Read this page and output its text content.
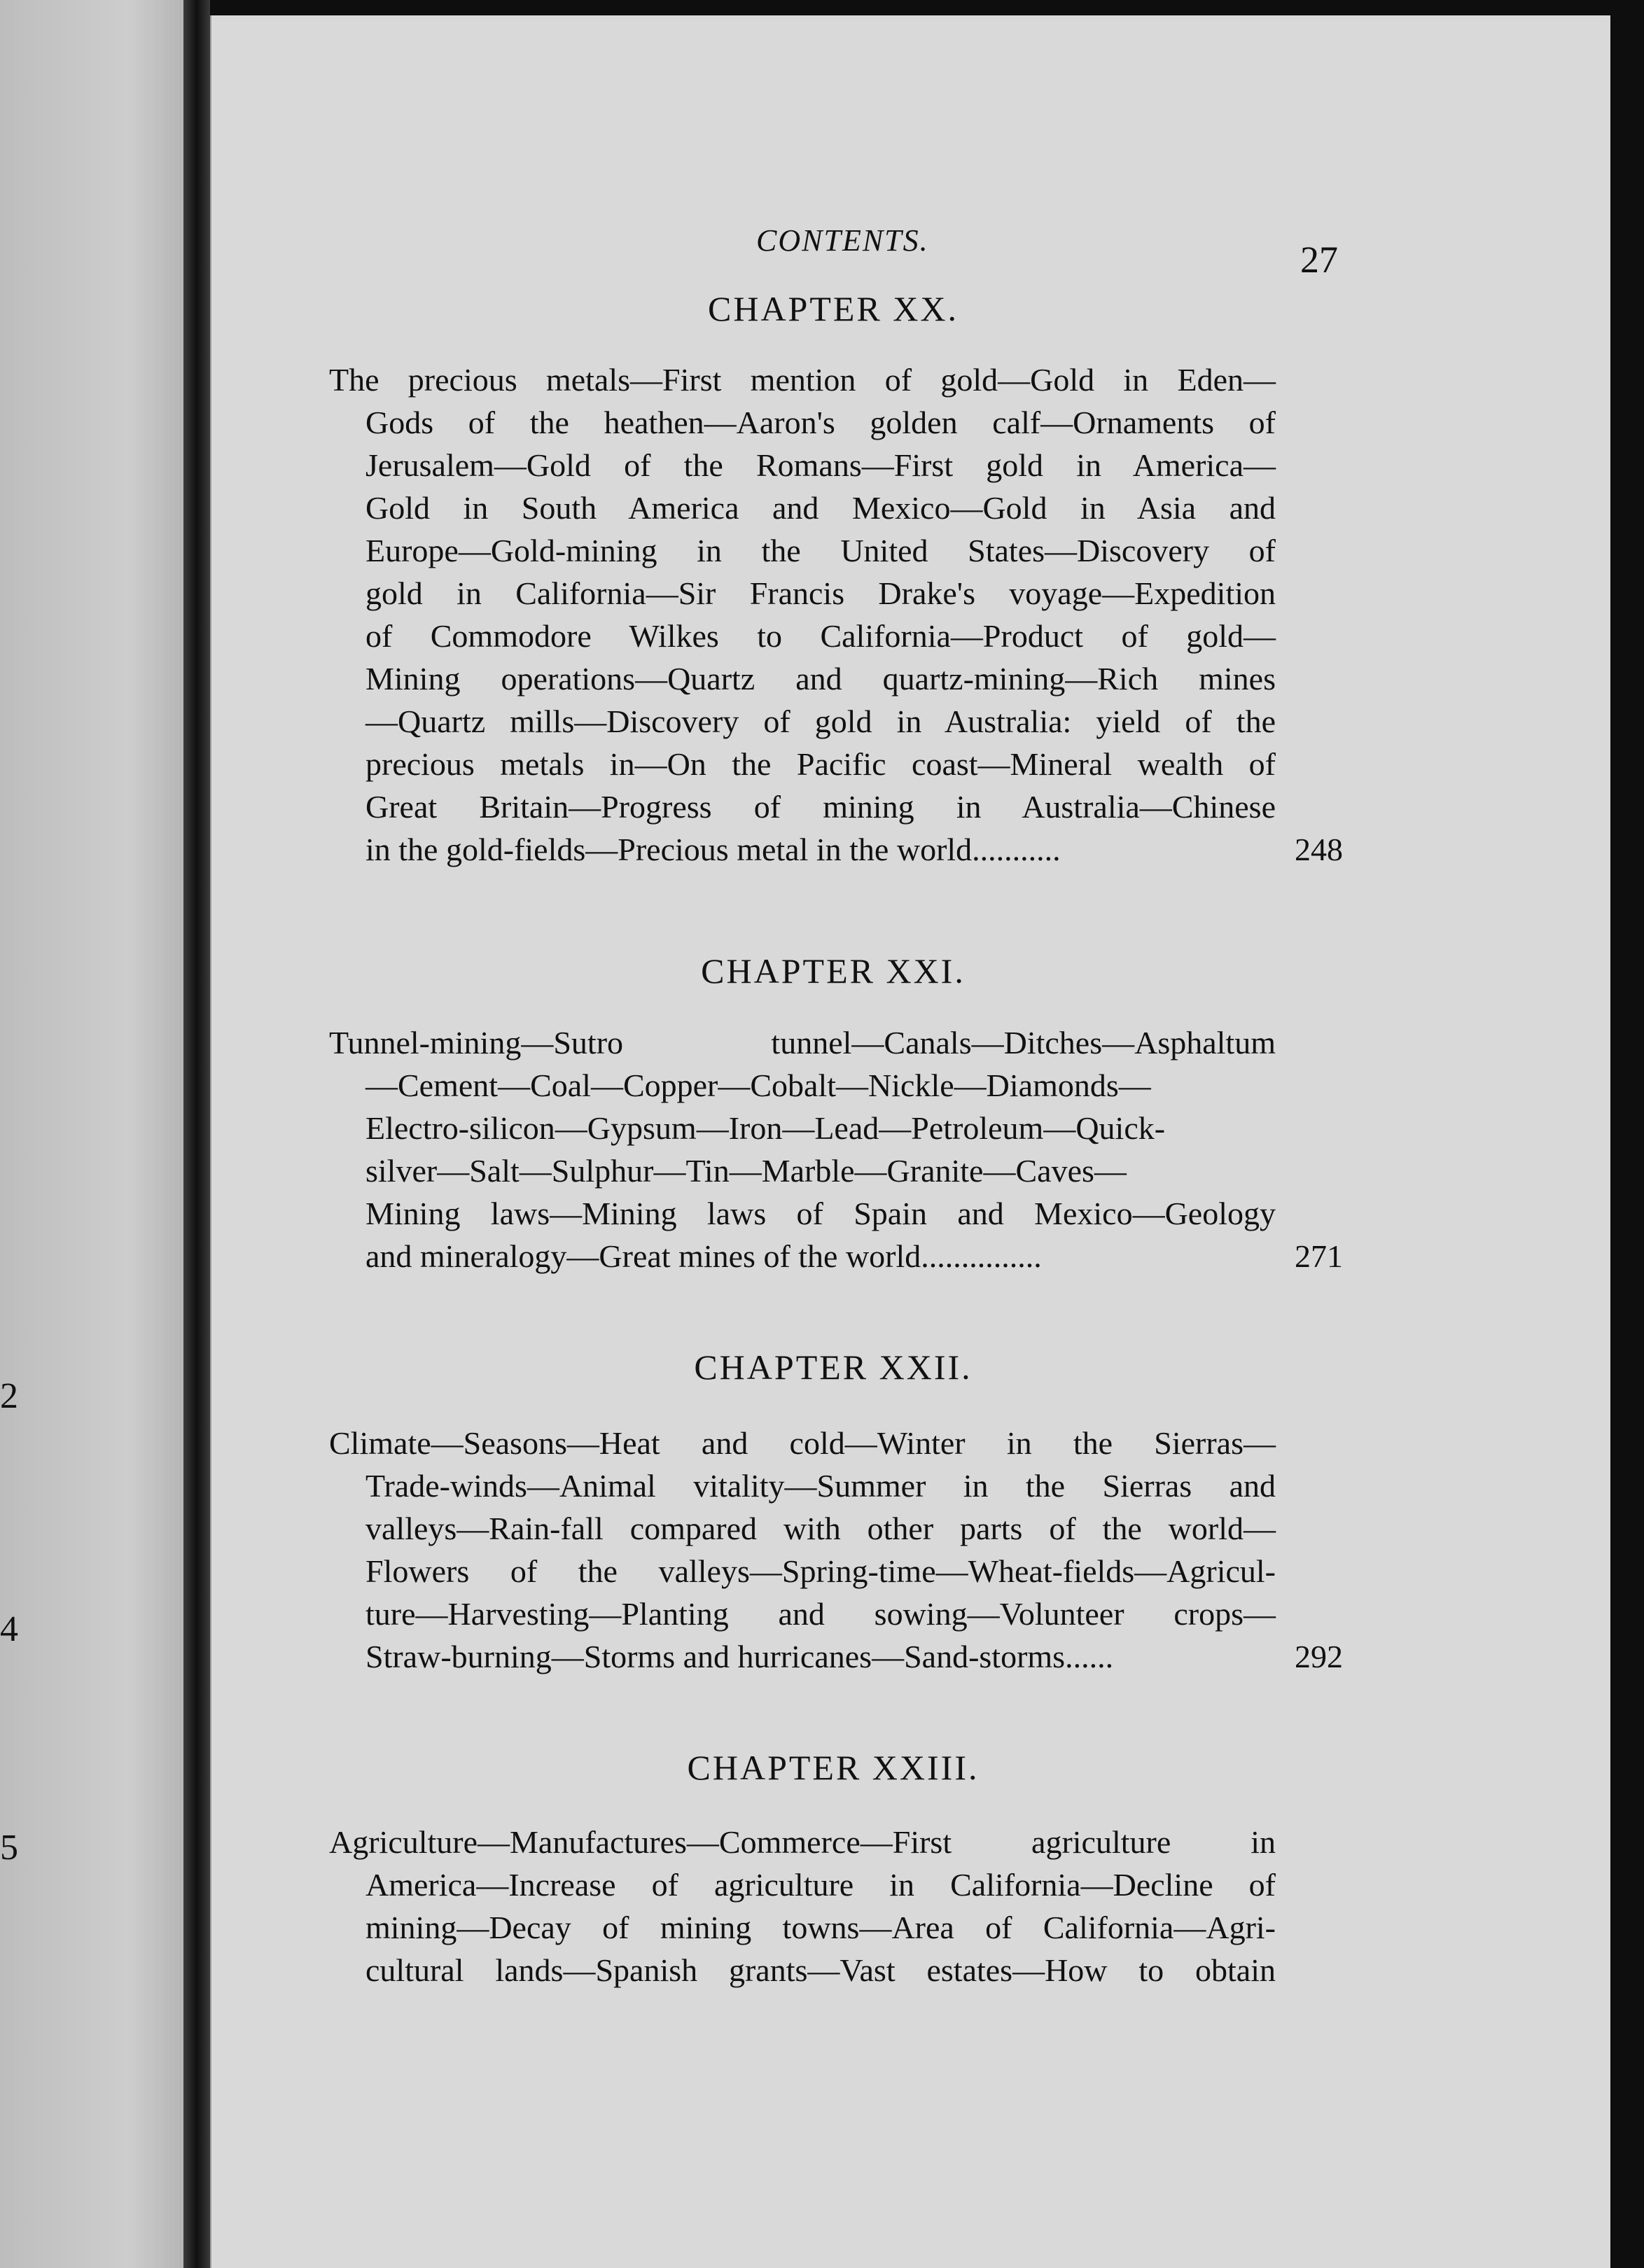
2
4
5
CONTENTS.	27
CHAPTER XX.
The precious metals—First mention of gold—Gold in Eden—
Gods of the heathen—Aaron's golden calf—Ornaments of
Jerusalem—Gold of the Romans—First gold in America—
Gold in South America and Mexico—Gold in Asia and
Europe—Gold-mining in the United States—Discovery of
gold in California—Sir Francis Drake's voyage—Expedition
of Commodore Wilkes to California—Product of gold—
Mining operations—Quartz and quartz-mining—Rich mines
—Quartz mills—Discovery of gold in Australia: yield of the
precious metals in—On the Pacific coast—Mineral wealth of
Great Britain—Progress of mining in Australia—Chinese
in the gold-fields—Precious metal in the world...........	248
CHAPTER XXI.
Tunnel-mining—Sutro tunnel—Canals—Ditches—Asphaltum
—Cement—Coal—Copper—Cobalt—Nickle—Diamonds—
Electro-silicon—Gypsum—Iron—Lead—Petroleum—Quick-
silver—Salt—Sulphur—Tin—Marble—Granite—Caves—
Mining laws—Mining laws of Spain and Mexico—Geology
and mineralogy—Great mines of the world...............	271
CHAPTER XXII.
Climate—Seasons—Heat and cold—Winter in the Sierras—
Trade-winds—Animal vitality—Summer in the Sierras and
valleys—Rain-fall compared with other parts of the world—
Flowers of the valleys—Spring-time—Wheat-fields—Agricul-
ture—Harvesting—Planting and sowing—Volunteer crops—
Straw-burning—Storms and hurricanes—Sand-storms......	292
CHAPTER XXIII.
Agriculture—Manufactures—Commerce—First agriculture in
America—Increase of agriculture in California—Decline of
mining—Decay of mining towns—Area of California—Agri-
cultural lands—Spanish grants—Vast estates—How to obtain
